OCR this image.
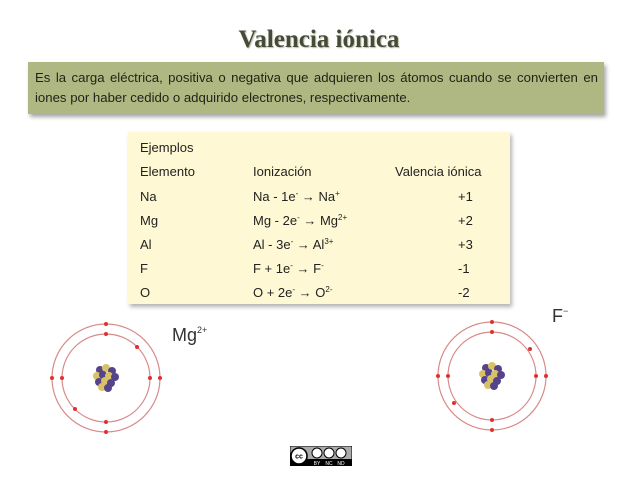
Valencia iónica
Es la carga eléctrica, positiva o negativa que adquieren los átomos cuando se convierten en iones por haber cedido o adquirido electrones, respectivamente.
Ejemplos
Elemento	Ionización	Valencia iónica
Na	Na - 1e- → Na+	+1
Mg	$Mg - 2e^- \to Mg^{2+}$	+2
Al	$Al - 3e^- \to Al^{3+}$	+3
F	F + 1e- → F-	-1
O	$O + 2e^- \to O^{2-}$	-2
$Mg^{2+}$
F−
cc
BY NC ND
